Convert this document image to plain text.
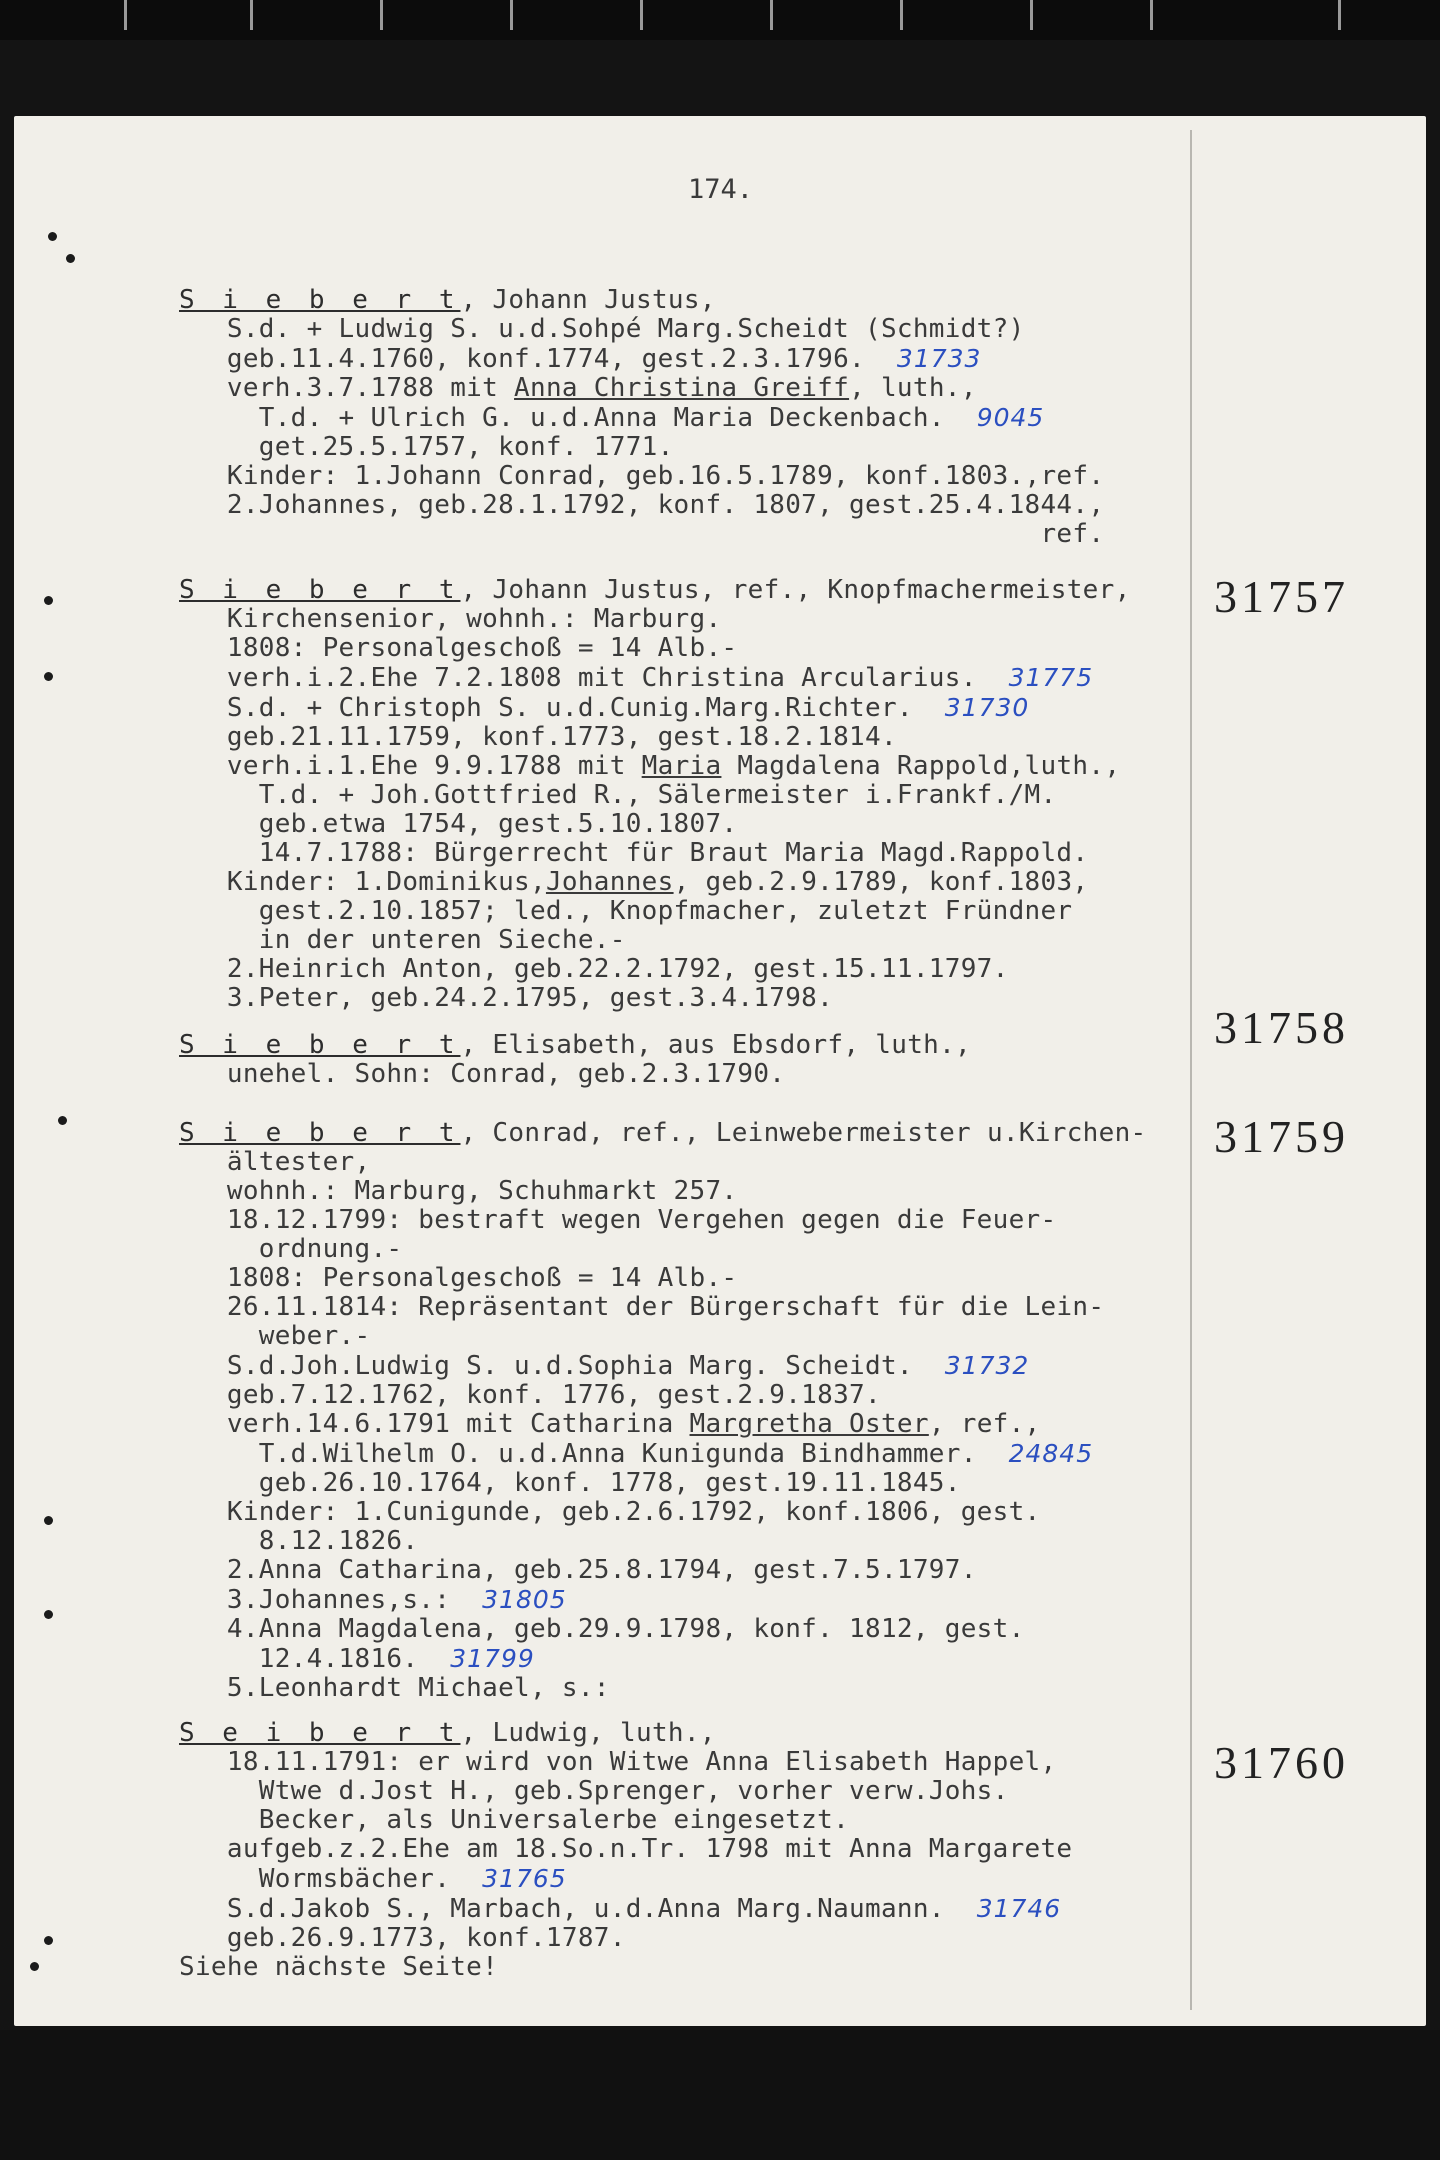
174.
S i e b e r t, Johann Justus,
S.d. + Ludwig S. u.d.Sohpé Marg.Scheidt (Schmidt?)
geb.11.4.1760, konf.1774, gest.2.3.1796. 31733
verh.3.7.1788 mit Anna Christina Greiff, luth.,
T.d. + Ulrich G. u.d.Anna Maria Deckenbach. 9045
get.25.5.1757, konf. 1771.
Kinder: 1.Johann Conrad, geb.16.5.1789, konf.1803.,ref.
2.Johannes, geb.28.1.1792, konf. 1807, gest.25.4.1844.,
ref.
S i e b e r t, Johann Justus, ref., Knopfmachermeister,
Kirchensenior, wohnh.: Marburg.
1808: Personalgeschoß = 14 Alb.-
verh.i.2.Ehe 7.2.1808 mit Christina Arcularius. 31775
S.d. + Christoph S. u.d.Cunig.Marg.Richter. 31730
geb.21.11.1759, konf.1773, gest.18.2.1814.
verh.i.1.Ehe 9.9.1788 mit Maria Magdalena Rappold,luth.,
T.d. + Joh.Gottfried R., Sälermeister i.Frankf./M.
geb.etwa 1754, gest.5.10.1807.
14.7.1788: Bürgerrecht für Braut Maria Magd.Rappold.
Kinder: 1.Dominikus,Johannes, geb.2.9.1789, konf.1803,
gest.2.10.1857; led., Knopfmacher, zuletzt Fründner
in der unteren Sieche.-
2.Heinrich Anton, geb.22.2.1792, gest.15.11.1797.
3.Peter, geb.24.2.1795, gest.3.4.1798.
31757
S i e b e r t, Elisabeth, aus Ebsdorf, luth.,
unehel. Sohn: Conrad, geb.2.3.1790.
31758
S i e b e r t, Conrad, ref., Leinwebermeister u.Kirchen-
ältester,
wohnh.: Marburg, Schuhmarkt 257.
18.12.1799: bestraft wegen Vergehen gegen die Feuer-
ordnung.-
1808: Personalgeschoß = 14 Alb.-
26.11.1814: Repräsentant der Bürgerschaft für die Lein-
weber.-
S.d.Joh.Ludwig S. u.d.Sophia Marg. Scheidt. 31732
geb.7.12.1762, konf. 1776, gest.2.9.1837.
verh.14.6.1791 mit Catharina Margretha Oster, ref.,
T.d.Wilhelm O. u.d.Anna Kunigunda Bindhammer. 24845
geb.26.10.1764, konf. 1778, gest.19.11.1845.
Kinder: 1.Cunigunde, geb.2.6.1792, konf.1806, gest.
8.12.1826.
2.Anna Catharina, geb.25.8.1794, gest.7.5.1797.
3.Johannes,s.: 31805
4.Anna Magdalena, geb.29.9.1798, konf. 1812, gest.
12.4.1816. 31799
5.Leonhardt Michael, s.:
31759
S e i b e r t, Ludwig, luth.,
18.11.1791: er wird von Witwe Anna Elisabeth Happel,
Wtwe d.Jost H., geb.Sprenger, vorher verw.Johs.
Becker, als Universalerbe eingesetzt.
aufgeb.z.2.Ehe am 18.So.n.Tr. 1798 mit Anna Margarete
Wormsbächer. 31765
S.d.Jakob S., Marbach, u.d.Anna Marg.Naumann. 31746
geb.26.9.1773, konf.1787.
Siehe nächste Seite!
31760
